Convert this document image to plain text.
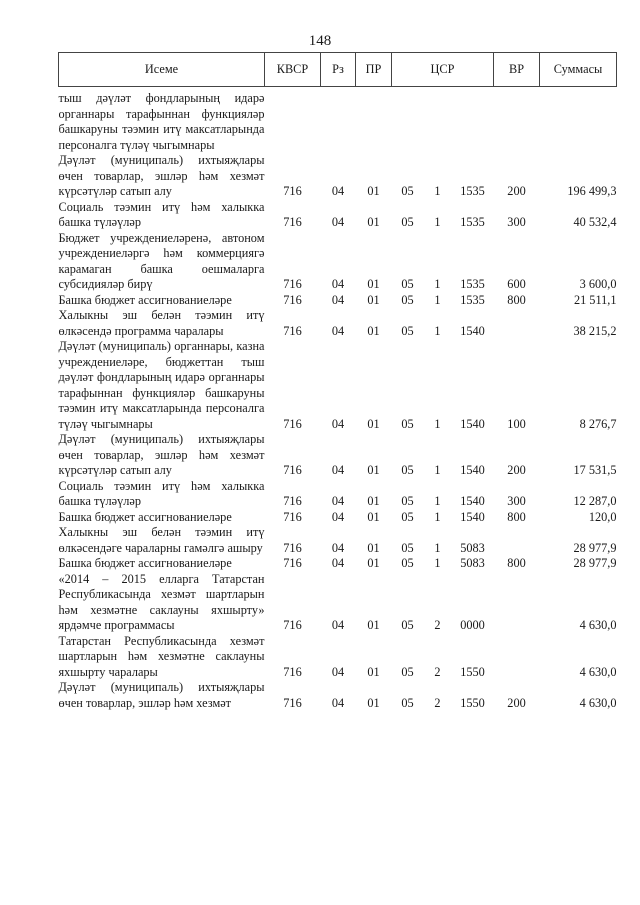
148
Исеме	КВСР	Рз	ПР	ЦСР			ВР	Суммасы

тыш дәүләт фондларының идарә органнары тарафыннан функцияләр башкаруны тәэмин итү максатларында персоналга түләү чыгымнары								

Дәүләт (муниципаль) ихтыяҗлары өчен товарлар, эшләр һәм хезмәт күрсәтүләр сатып алу	716	04	01	05	1	1535	200	196 499,3

Социаль тәэмин итү һәм халыкка башка түләүләр	716	04	01	05	1	1535	300	40 532,4

Бюджет учреждениеләренә, автоном учреждениеләргә һәм коммерциягә карамаган башка оешмаларга субсидияләр бирү	716	04	01	05	1	1535	600	3 600,0

Башка бюджет ассигнованиеләре	716	04	01	05	1	1535	800	21 511,1

Халыкны эш белән тәэмин итү өлкәсендә программа чаралары	716	04	01	05	1	1540		38 215,2

Дәүләт (муниципаль) органнары, казна учреждениеләре, бюджеттан тыш дәүләт фондларының идарә органнары тарафыннан функцияләр башкаруны тәэмин итү максатларында персоналга түләү чыгымнары	716	04	01	05	1	1540	100	8 276,7

Дәүләт (муниципаль) ихтыяҗлары өчен товарлар, эшләр һәм хезмәт күрсәтүләр сатып алу	716	04	01	05	1	1540	200	17 531,5

Социаль тәэмин итү һәм халыкка башка түләүләр	716	04	01	05	1	1540	300	12 287,0

Башка бюджет ассигнованиеләре	716	04	01	05	1	1540	800	120,0

Халыкны эш белән тәэмин итү өлкәсендәге чараларны гамәлгә ашыру	716	04	01	05	1	5083		28 977,9

Башка бюджет ассигнованиеләре	716	04	01	05	1	5083	800	28 977,9

«2014 – 2015 елларга Татарстан Республикасында хезмәт шартларын һәм хезмәтне саклауны яхшырту» ярдәмче программасы	716	04	01	05	2	0000		4 630,0

Татарстан Республикасында хезмәт шартларын һәм хезмәтне саклауны яхшырту чаралары	716	04	01	05	2	1550		4 630,0

Дәүләт (муниципаль) ихтыяҗлары өчен товарлар, эшләр һәм хезмәт	716	04	01	05	2	1550	200	4 630,0
